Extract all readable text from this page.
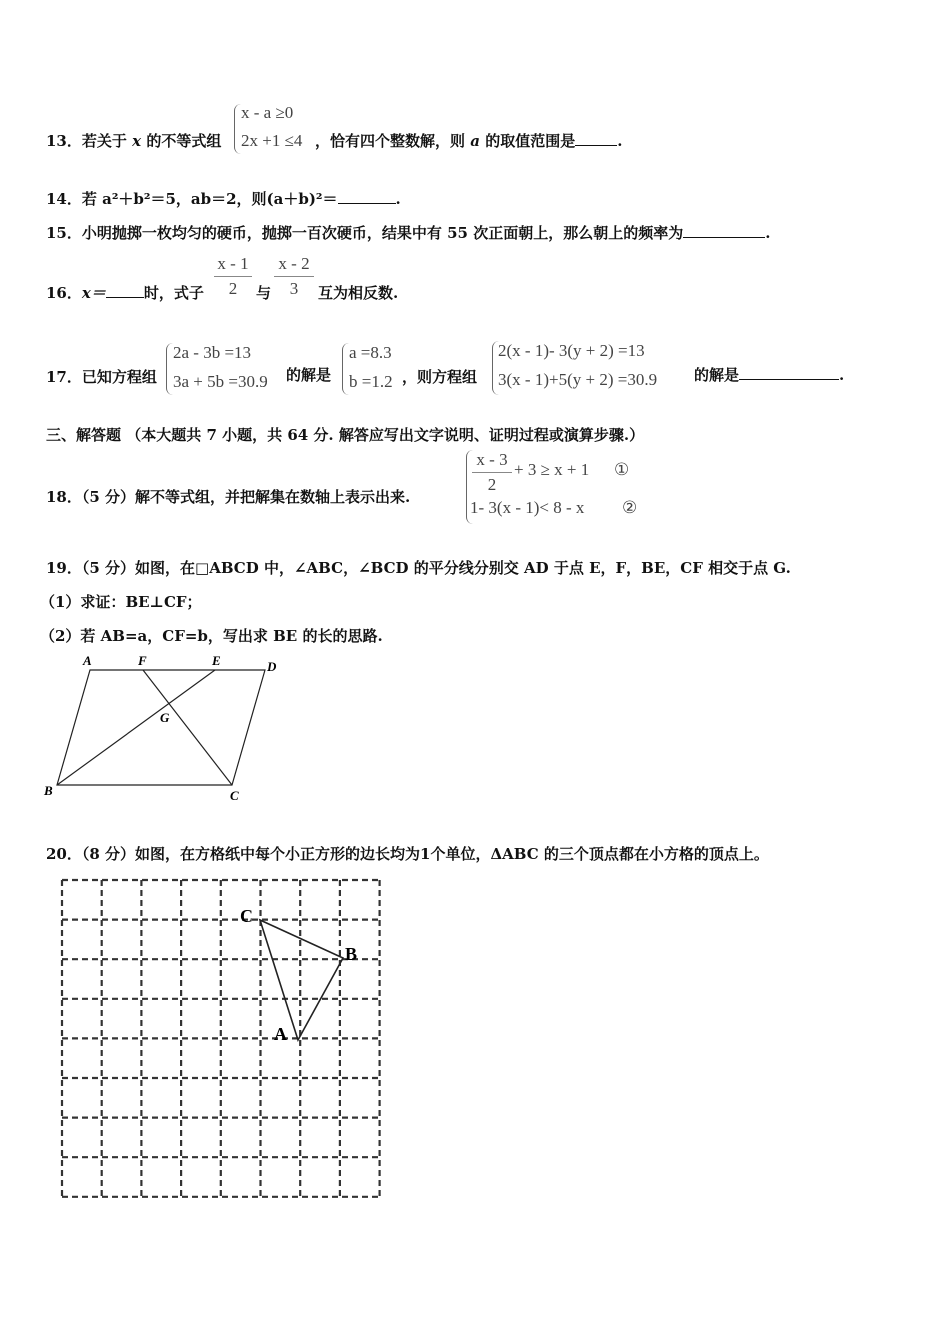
x - a ≥0
2x +1 ≤4
13．若关于 x 的不等式组	，恰有四个整数解，则 a 的取值范围是	.
14．若 a²＋b²＝5，ab＝2，则(a＋b)²＝	.
15．小明抛掷一枚均匀的硬币，抛掷一百次硬币，结果中有 55 次正面朝上，那么朝上的频率为	.
16．x＝	时，式子
x - 1
2	与
x - 2
3	互为相反数.
17．已知方程组
2a - 3b =13
3a + 5b =30.9 的解是
a =8.3
b =1.2 ，则方程组
2(x - 1)- 3(y + 2) =13
3(x - 1)+5(y + 2) =30.9 的解是	.
三、解答题 （本大题共 7 小题，共 64 分. 解答应写出文字说明、证明过程或演算步骤.）
18．（5 分）解不等式组，并把解集在数轴上表示出来.
x - 3
2
+ 3 ≥ x + 1 ①
1- 3(x - 1)< 8 - x ②
19．（5 分）如图，在□ABCD 中，∠ABC，∠BCD 的平分线分别交 AD 于点 E，F，BE，CF 相交于点 G.
（1）求证：BE⊥CF；
（2）若 AB=a，CF=b，写出求 BE 的长的思路.
A	F	E	D
G
B	C
20．（8 分）如图，在方格纸中每个小正方形的边长均为1个单位，ΔABC 的三个顶点都在小方格的顶点上。
C
B
A
